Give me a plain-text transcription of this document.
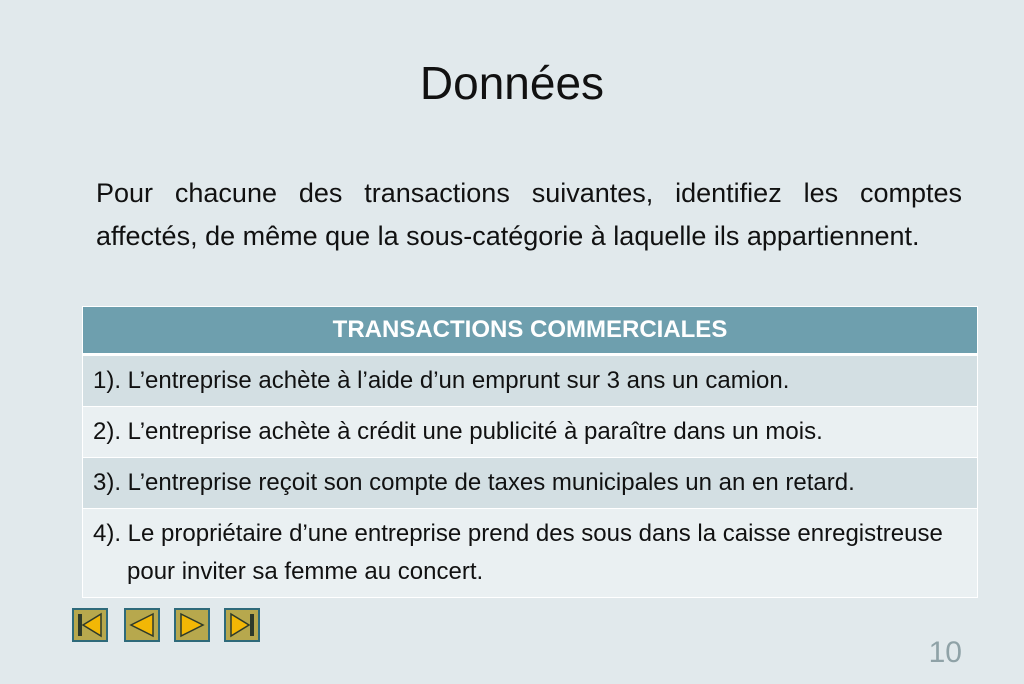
Données

Pour chacune des transactions suivantes, identifiez les comptes affectés, de même que la sous-catégorie à laquelle ils appartiennent.

TRANSACTIONS COMMERCIALES

1). L’entreprise achète à l’aide d’un emprunt sur 3 ans un camion.

2). L’entreprise achète à crédit une publicité à paraître dans un mois.

3). L’entreprise reçoit son compte de taxes municipales un an en retard.

4). Le propriétaire d’une entreprise prend des sous dans la caisse enregistreuse pour inviter sa femme au concert.
10
